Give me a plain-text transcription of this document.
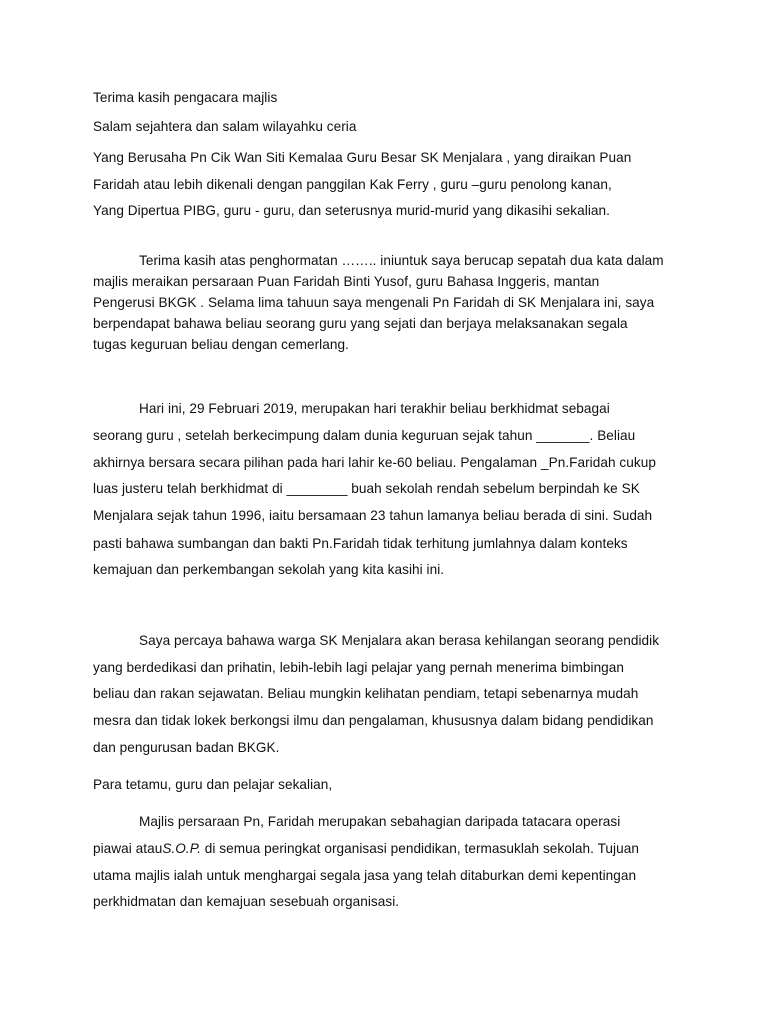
Terima kasih pengacara majlis
Salam sejahtera dan salam wilayahku ceria
Yang Berusaha Pn Cik Wan Siti Kemalaa Guru Besar SK Menjalara , yang diraikan Puan
Faridah atau lebih dikenali dengan panggilan Kak Ferry , guru –guru penolong kanan,
Yang Dipertua PIBG, guru - guru, dan seterusnya murid-murid yang dikasihi sekalian.
Terima kasih atas penghormatan …….. iniuntuk saya berucap sepatah dua kata dalam
majlis meraikan persaraan Puan Faridah Binti Yusof, guru Bahasa Inggeris, mantan
Pengerusi BKGK . Selama lima tahuun saya mengenali Pn Faridah di SK Menjalara ini, saya
berpendapat bahawa beliau seorang guru yang sejati dan berjaya melaksanakan segala
tugas keguruan beliau dengan cemerlang.
Hari ini, 29 Februari 2019, merupakan hari terakhir beliau berkhidmat sebagai
seorang guru , setelah berkecimpung dalam dunia keguruan sejak tahun _______. Beliau
akhirnya bersara secara pilihan pada hari lahir ke-60 beliau. Pengalaman _Pn.Faridah cukup
luas justeru telah berkhidmat di ________ buah sekolah rendah sebelum berpindah ke SK
Menjalara sejak tahun 1996, iaitu bersamaan 23 tahun lamanya beliau berada di sini. Sudah
pasti bahawa sumbangan dan bakti Pn.Faridah tidak terhitung jumlahnya dalam konteks
kemajuan dan perkembangan sekolah yang kita kasihi ini.
Saya percaya bahawa warga SK Menjalara akan berasa kehilangan seorang pendidik
yang berdedikasi dan prihatin, lebih-lebih lagi pelajar yang pernah menerima bimbingan
beliau dan rakan sejawatan. Beliau mungkin kelihatan pendiam, tetapi sebenarnya mudah
mesra dan tidak lokek berkongsi ilmu dan pengalaman, khususnya dalam bidang pendidikan
dan pengurusan badan BKGK.
Para tetamu, guru dan pelajar sekalian,
Majlis persaraan Pn, Faridah merupakan sebahagian daripada tatacara operasi
piawai atauS.O.P. di semua peringkat organisasi pendidikan, termasuklah sekolah. Tujuan
utama majlis ialah untuk menghargai segala jasa yang telah ditaburkan demi kepentingan
perkhidmatan dan kemajuan sesebuah organisasi.
